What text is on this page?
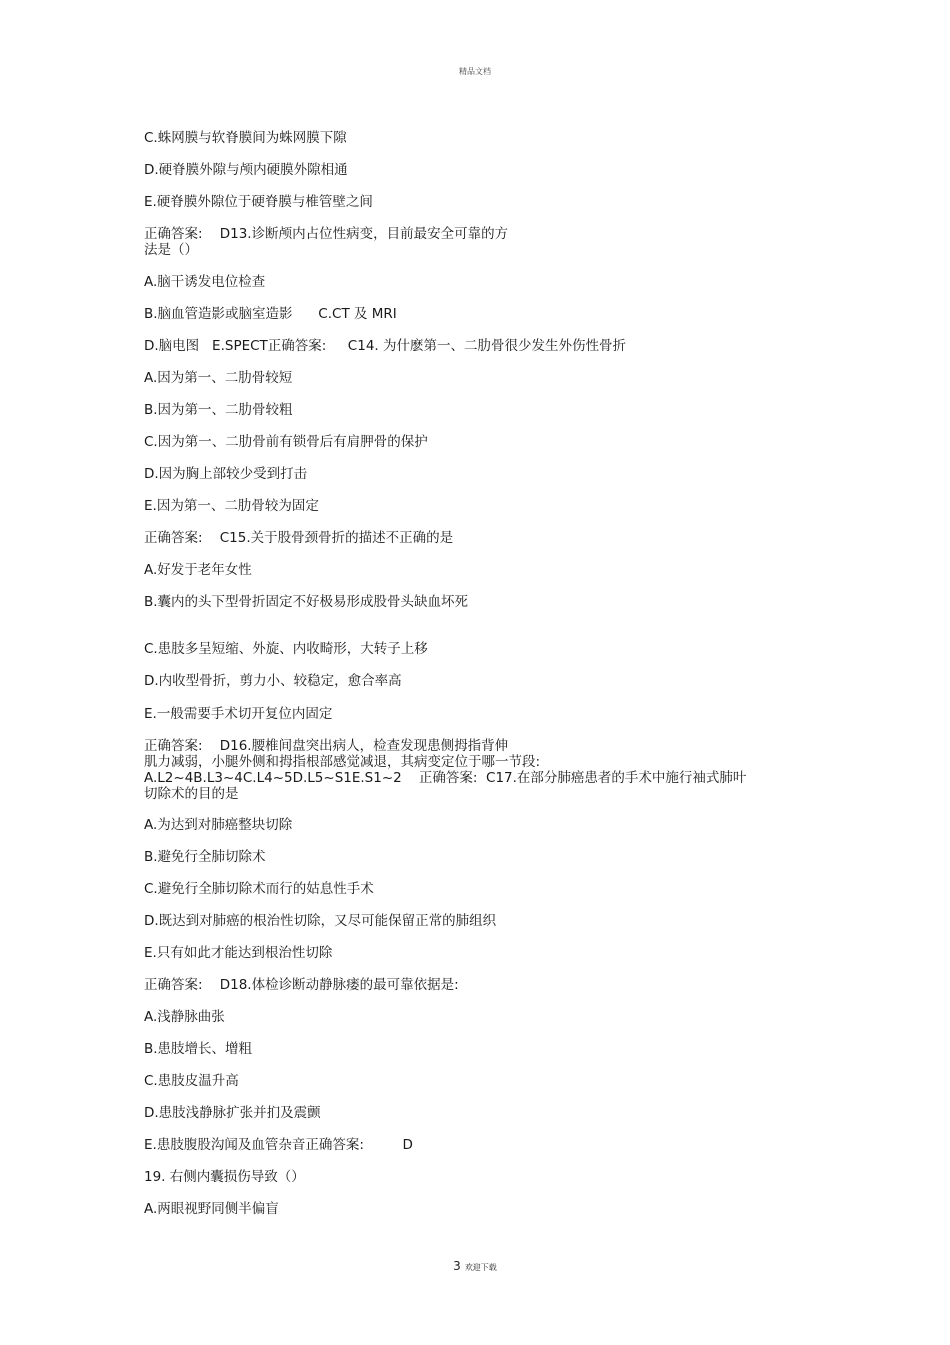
精品文档
C.蛛网膜与软脊膜间为蛛网膜下隙
D.硬脊膜外隙与颅内硬膜外隙相通
E.硬脊膜外隙位于硬脊膜与椎管壁之间
正确答案:    D13.诊断颅内占位性病变，目前最安全可靠的方
法是（）
A.脑干诱发电位检查
B.脑血管造影或脑室造影      C.CT 及 MRI
D.脑电图   E.SPECT正确答案:     C14. 为什麽第一、二肋骨很少发生外伤性骨折
A.因为第一、二肋骨较短
B.因为第一、二肋骨较粗
C.因为第一、二肋骨前有锁骨后有肩胛骨的保护
D.因为胸上部较少受到打击
E.因为第一、二肋骨较为固定
正确答案:    C15.关于股骨颈骨折的描述不正确的是
A.好发于老年女性
B.囊内的头下型骨折固定不好极易形成股骨头缺血坏死
C.患肢多呈短缩、外旋、内收畸形，大转子上移
D.内收型骨折，剪力小、较稳定，愈合率高
E.一般需要手术切开复位内固定
正确答案:    D16.腰椎间盘突出病人，检查发现患侧拇指背伸
肌力减弱，小腿外侧和拇指根部感觉减退，其病变定位于哪一节段:
A.L2~4B.L3~4C.L4~5D.L5~S1E.S1~2    正确答案:  C17.在部分肺癌患者的手术中施行袖式肺叶
切除术的目的是
A.为达到对肺癌整块切除
B.避免行全肺切除术
C.避免行全肺切除术而行的姑息性手术
D.既达到对肺癌的根治性切除，又尽可能保留正常的肺组织
E.只有如此才能达到根治性切除
正确答案:    D18.体检诊断动静脉瘘的最可靠依据是:
A.浅静脉曲张
B.患肢增长、增粗
C.患肢皮温升高
D.患肢浅静脉扩张并扪及震颤
E.患肢腹股沟闻及血管杂音正确答案:         D
19. 右侧内囊损伤导致（）
A.两眼视野同侧半偏盲
3 欢迎下载
